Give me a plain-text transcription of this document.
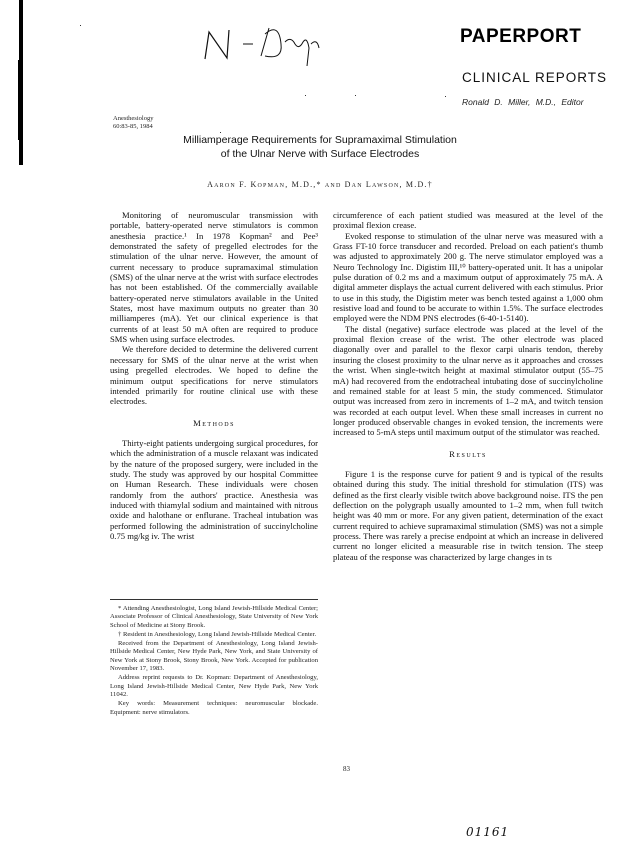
PAPERPORT
CLINICAL REPORTS
Ronald D. Miller, M.D., Editor
Anesthesiology
60:83-85, 1984
Milliamperage Requirements for Supramaximal Stimulation
of the Ulnar Nerve with Surface Electrodes
Aaron F. Kopman, M.D.,* and Dan Lawson, M.D.†

Monitoring of neuromuscular transmission with portable, battery-operated nerve stimulators is common anesthesia practice.¹ In 1978 Kopman² and Pee³ demonstrated the safety of pregelled electrodes for the stimulation of the ulnar nerve. However, the amount of current necessary to produce supramaximal stimulation (SMS) of the ulnar nerve at the wrist with surface electrodes has not been established. Of the commercially available battery-operated nerve stimulators available in the United States, most have maximum outputs no greater than 30 milliamperes (mA). Yet our clinical experience is that currents of at least 50 mA often are required to produce SMS when using surface electrodes.

We therefore decided to determine the delivered current necessary for SMS of the ulnar nerve at the wrist when using pregelled electrodes. We hoped to define the minimum output specifications for nerve stimulators intended primarily for routine clinical use with these electrodes.

Methods

Thirty-eight patients undergoing surgical procedures, for which the administration of a muscle relaxant was indicated by the nature of the proposed surgery, were included in the study. The study was approved by our hospital Committee on Human Research. These individuals were chosen randomly from the authors' practice. Anesthesia was induced with thiamylal sodium and maintained with nitrous oxide and halothane or enflurane. Tracheal intubation was performed following the administration of succinylcholine 0.75 mg/kg iv. The wrist

* Attending Anesthesiologist, Long Island Jewish-Hillside Medical Center; Associate Professor of Clinical Anesthesiology, State University of New York School of Medicine at Stony Brook.

† Resident in Anesthesiology, Long Island Jewish-Hillside Medical Center.

Received from the Department of Anesthesiology, Long Island Jewish-Hillside Medical Center, New Hyde Park, New York, and State University of New York at Stony Brook, Stony Brook, New York. Accepted for publication November 17, 1983.

Address reprint requests to Dr. Kopman: Department of Anesthesiology, Long Island Jewish-Hillside Medical Center, New Hyde Park, New York 11042.

Key words: Measurement techniques: neuromuscular blockade. Equipment: nerve stimulators.

circumference of each patient studied was measured at the level of the proximal flexion crease.

Evoked response to stimulation of the ulnar nerve was measured with a Grass FT-10 force transducer and recorded. Preload on each patient's thumb was adjusted to approximately 200 g. The nerve stimulator employed was a Neuro Technology Inc. Digistim III,¹⁰ battery-operated unit. It has a unipolar pulse duration of 0.2 ms and a maximum output of approximately 75 mA. A digital ammeter displays the actual current delivered with each stimulus. Prior to use in this study, the Digistim meter was bench tested against a 1,000 ohm resistive load and found to be accurate to within 1.5%. The surface electrodes employed were the NDM PNS electrodes (6-40-1-5140).

The distal (negative) surface electrode was placed at the level of the proximal flexion crease of the wrist. The other electrode was placed diagonally over and parallel to the flexor carpi ulnaris tendon, thereby insuring the closest proximity to the ulnar nerve as it approaches and crosses the wrist. When single-twitch height at maximal stimulator output (55–75 mA) had recovered from the endotracheal intubating dose of succinylcholine and remained stable for at least 5 min, the study commenced. Stimulator output was increased from zero in increments of 1–2 mA, and twitch tension was recorded at each output level. When these small increases in current no longer produced observable changes in evoked tension, the increments were increased to 5-mA steps until maximum output of the stimulator was reached.

Results

Figure 1 is the response curve for patient 9 and is typical of the results obtained during this study. The initial threshold for stimulation (ITS) was defined as the first clearly visible twitch above background noise. ITS the pen deflection on the polygraph usually amounted to 1–2 mm, when full twitch height was 40 mm or more. For any given patient, determination of the exact current required to achieve supramaximal stimulation (SMS) was not a simple process. There was rarely a precise endpoint at which an increase in delivered current no longer elicited a measurable rise in twitch tension. The steep plateau of the response was characterized by large changes in ts

83
01161
